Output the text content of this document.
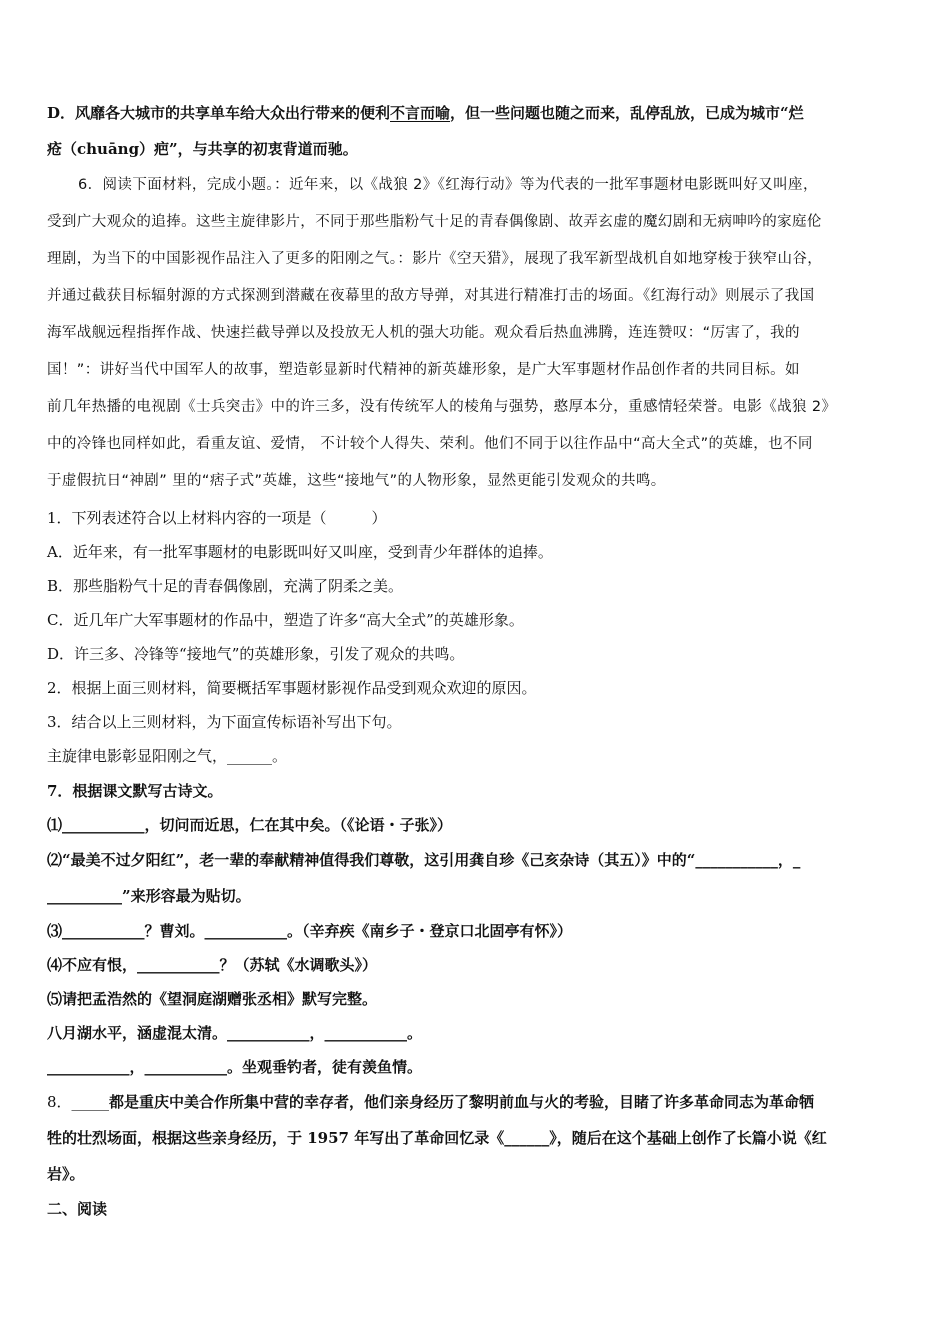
D．风靡各大城市的共享单车给大众出行带来的便利不言而喻，但一些问题也随之而来，乱停乱放，已成为城市“烂
疮（chuāng）疤”，与共享的初衷背道而驰。
6．阅读下面材料，完成小题。：近年来，以《战狼 2》《红海行动》等为代表的一批军事题材电影既叫好又叫座，
受到广大观众的追捧。这些主旋律影片，不同于那些脂粉气十足的青春偶像剧、故弄玄虚的魔幻剧和无病呻吟的家庭伦
理剧，为当下的中国影视作品注入了更多的阳刚之气。：影片《空天猎》，展现了我军新型战机自如地穿梭于狭窄山谷，
并通过截获目标辐射源的方式探测到潜藏在夜幕里的敌方导弹，对其进行精准打击的场面。《红海行动》则展示了我国
海军战舰远程指挥作战、快速拦截导弹以及投放无人机的强大功能。观众看后热血沸腾，连连赞叹：“厉害了，我的
国！”：讲好当代中国军人的故事，塑造彰显新时代精神的新英雄形象，是广大军事题材作品创作者的共同目标。如
前几年热播的电视剧《士兵突击》中的许三多，没有传统军人的棱角与强势，憨厚本分，重感情轻荣誉。电影《战狼 2》
中的冷锋也同样如此，看重友谊、爱情， 不计较个人得失、荣利。他们不同于以往作品中“高大全式”的英雄，也不同
于虚假抗日“神剧” 里的“痞子式”英雄，这些“接地气”的人物形象，显然更能引发观众的共鸣。
1．下列表述符合以上材料内容的一项是（　　　）
A．近年来，有一批军事题材的电影既叫好又叫座，受到青少年群体的追捧。
B．那些脂粉气十足的青春偶像剧，充满了阴柔之美。
C．近几年广大军事题材的作品中，塑造了许多“高大全式”的英雄形象。
D．许三多、冷锋等“接地气”的英雄形象，引发了观众的共鸣。
2．根据上面三则材料，简要概括军事题材影视作品受到观众欢迎的原因。
3．结合以上三则材料，为下面宣传标语补写出下句。
主旋律电影彰显阳刚之气，______。
7．根据课文默写古诗文。
⑴___________，切问而近思，仁在其中矣。（《论语・子张》）
⑵“最美不过夕阳红”，老一辈的奉献精神值得我们尊敬，这引用龚自珍《己亥杂诗（其五）》中的“___________，_
__________”来形容最为贴切。
⑶___________？曹刘。___________。（辛弃疾《南乡子・登京口北固亭有怀》）
⑷不应有恨，___________？（苏轼《水调歌头》）
⑸请把孟浩然的《望洞庭湖赠张丞相》默写完整。
八月湖水平，涵虚混太清。___________，___________。
___________，___________。坐观垂钓者，徒有羡鱼情。
8．_____都是重庆中美合作所集中营的幸存者，他们亲身经历了黎明前血与火的考验，目睹了许多革命同志为革命牺
牲的壮烈场面，根据这些亲身经历，于 1957 年写出了革命回忆录《______》，随后在这个基础上创作了长篇小说《红
岩》。
二、阅读
